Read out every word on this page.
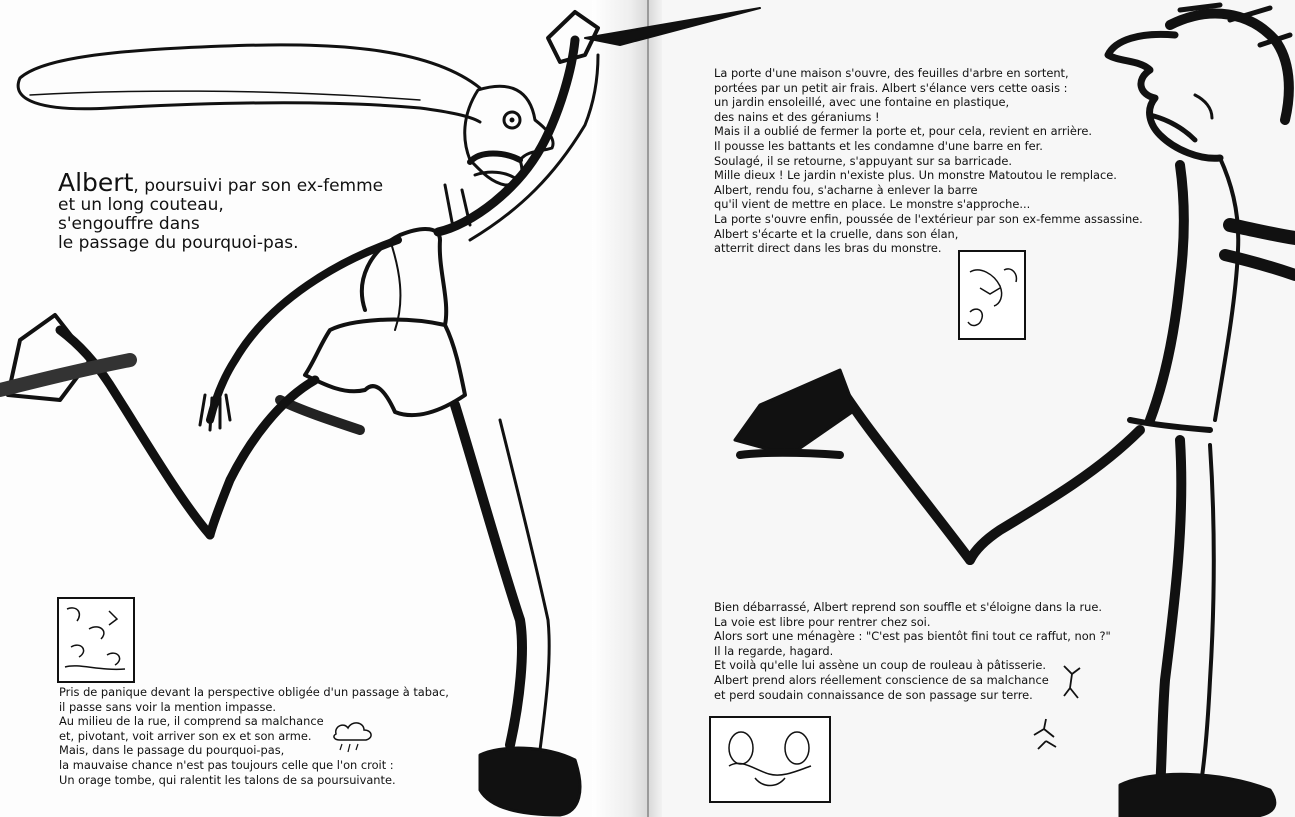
Albert, poursuivi par son ex-femme
et un long couteau,
s'engouffre dans
le passage du pourquoi-pas.
La porte d'une maison s'ouvre, des feuilles d'arbre en sortent,
portées par un petit air frais. Albert s'élance vers cette oasis :
un jardin ensoleillé, avec une fontaine en plastique,
des nains et des géraniums !
Mais il a oublié de fermer la porte et, pour cela, revient en arrière.
Il pousse les battants et les condamne d'une barre en fer.
Soulagé, il se retourne, s'appuyant sur sa barricade.
Mille dieux ! Le jardin n'existe plus. Un monstre Matoutou le remplace.
Albert, rendu fou, s'acharne à enlever la barre
qu'il vient de mettre en place. Le monstre s'approche...
La porte s'ouvre enfin, poussée de l'extérieur par son ex-femme assassine.
Albert s'écarte et la cruelle, dans son élan,
atterrit direct dans les bras du monstre.
Pris de panique devant la perspective obligée d'un passage à tabac,
il passe sans voir la mention impasse.
Au milieu de la rue, il comprend sa malchance
et, pivotant, voit arriver son ex et son arme.
Mais, dans le passage du pourquoi-pas,
la mauvaise chance n'est pas toujours celle que l'on croit :
Un orage tombe, qui ralentit les talons de sa poursuivante.
Bien débarrassé, Albert reprend son souffle et s'éloigne dans la rue.
La voie est libre pour rentrer chez soi.
Alors sort une ménagère : "C'est pas bientôt fini tout ce raffut, non ?"
Il la regarde, hagard.
Et voilà qu'elle lui assène un coup de rouleau à pâtisserie.
Albert prend alors réellement conscience de sa malchance
et perd soudain connaissance de son passage sur terre.
